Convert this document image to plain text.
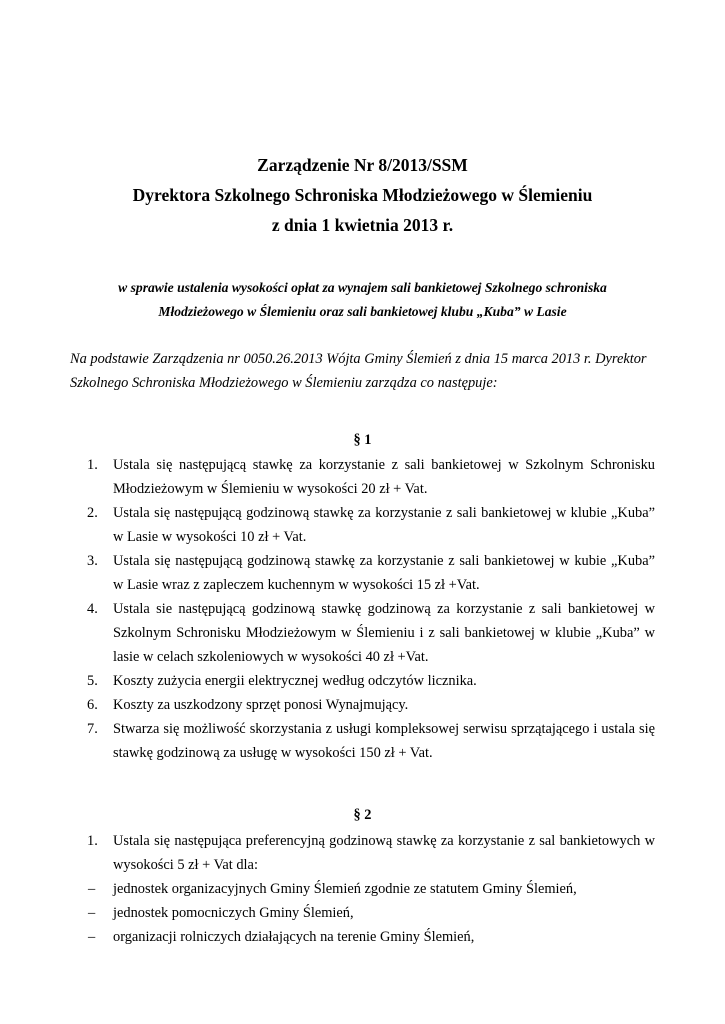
Zarządzenie Nr 8/2013/SSM
Dyrektora Szkolnego Schroniska Młodzieżowego w Ślemieniu
z dnia 1 kwietnia 2013 r.
w sprawie ustalenia wysokości opłat za wynajem sali bankietowej Szkolnego schroniska
Młodzieżowego w Ślemieniu oraz sali bankietowej klubu „Kuba” w Lasie
Na podstawie Zarządzenia nr 0050.26.2013 Wójta Gminy Ślemień z dnia 15 marca 2013 r. Dyrektor
Szkolnego Schroniska Młodzieżowego w Ślemieniu zarządza co następuje:
§ 1
1. Ustala się następującą stawkę za korzystanie z sali bankietowej w Szkolnym Schronisku Młodzieżowym w Ślemieniu w wysokości 20 zł + Vat.
2. Ustala się następującą godzinową stawkę za korzystanie z sali bankietowej w klubie „Kuba” w Lasie w wysokości 10 zł + Vat.
3. Ustala się następującą godzinową stawkę za korzystanie z sali bankietowej w kubie „Kuba” w Lasie wraz z zapleczem kuchennym w wysokości 15 zł +Vat.
4. Ustala sie następującą godzinową stawkę godzinową za korzystanie z sali bankietowej w Szkolnym Schronisku Młodzieżowym w Ślemieniu i z sali bankietowej w klubie „Kuba” w lasie w celach szkoleniowych w wysokości 40 zł +Vat.
5. Koszty zużycia energii elektrycznej według odczytów licznika.
6. Koszty za uszkodzony sprzęt ponosi Wynajmujący.
7. Stwarza się możliwość skorzystania z usługi kompleksowej serwisu sprzątającego i ustala się stawkę godzinową za usługę w wysokości 150 zł + Vat.
§ 2
1. Ustala się następująca preferencyjną godzinową stawkę za korzystanie z sal bankietowych w wysokości 5 zł + Vat dla:
– jednostek organizacyjnych Gminy Ślemień zgodnie ze statutem Gminy Ślemień,
– jednostek pomocniczych Gminy Ślemień,
– organizacji rolniczych działających na terenie Gminy Ślemień,
